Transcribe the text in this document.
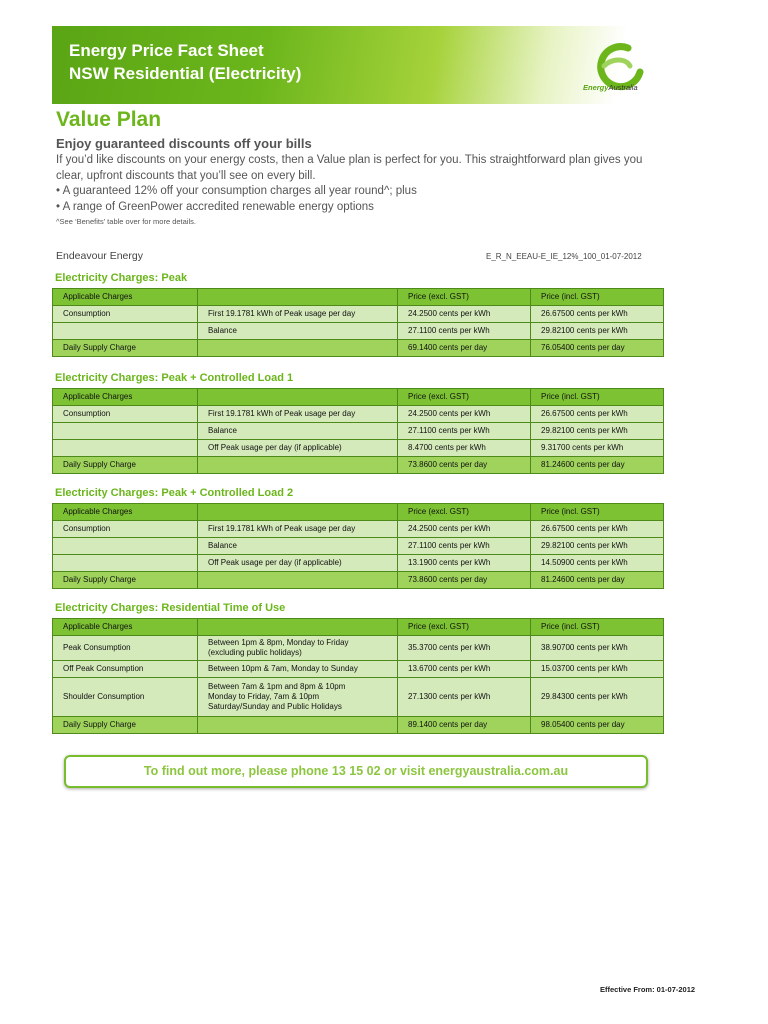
Energy Price Fact Sheet
NSW Residential (Electricity)
EnergyAustralia
Value Plan
Enjoy guaranteed discounts off your bills
If you’d like discounts on your energy costs, then a Value plan is perfect for you. This straightforward plan gives you
clear, upfront discounts that you’ll see on every bill.
• A guaranteed 12% off your consumption charges all year round^; plus
• A range of GreenPower accredited renewable energy options
^See ‘Benefits’ table over for more details.
Endeavour Energy	E_R_N_EEAU-E_IE_12%_100_01-07-2012
Electricity Charges: Peak
Applicable Charges		Price (excl. GST)	Price (incl. GST)
Consumption	First 19.1781 kWh of Peak usage per day	24.2500 cents per kWh	26.67500 cents per kWh
	Balance	27.1100 cents per kWh	29.82100 cents per kWh
Daily Supply Charge		69.1400 cents per day	76.05400 cents per day
Electricity Charges: Peak + Controlled Load 1
Applicable Charges		Price (excl. GST)	Price (incl. GST)
Consumption	First 19.1781 kWh of Peak usage per day	24.2500 cents per kWh	26.67500 cents per kWh
	Balance	27.1100 cents per kWh	29.82100 cents per kWh
	Off Peak usage per day (if applicable)	8.4700 cents per kWh	9.31700 cents per kWh
Daily Supply Charge		73.8600 cents per day	81.24600 cents per day
Electricity Charges: Peak + Controlled Load 2
Applicable Charges		Price (excl. GST)	Price (incl. GST)
Consumption	First 19.1781 kWh of Peak usage per day	24.2500 cents per kWh	26.67500 cents per kWh
	Balance	27.1100 cents per kWh	29.82100 cents per kWh
	Off Peak usage per day (if applicable)	13.1900 cents per kWh	14.50900 cents per kWh
Daily Supply Charge		73.8600 cents per day	81.24600 cents per day
Electricity Charges: Residential Time of Use
Applicable Charges		Price (excl. GST)	Price (incl. GST)
Peak Consumption	Between 1pm & 8pm, Monday to Friday
(excluding public holidays)	35.3700 cents per kWh	38.90700 cents per kWh
Off Peak Consumption	Between 10pm & 7am, Monday to Sunday	13.6700 cents per kWh	15.03700 cents per kWh
Shoulder Consumption	Between 7am & 1pm and 8pm & 10pm
Monday to Friday, 7am & 10pm
Saturday/Sunday and Public Holidays	27.1300 cents per kWh	29.84300 cents per kWh
Daily Supply Charge		89.1400 cents per day	98.05400 cents per day
To find out more, please phone 13 15 02 or visit energyaustralia.com.au
Effective From: 01-07-2012
